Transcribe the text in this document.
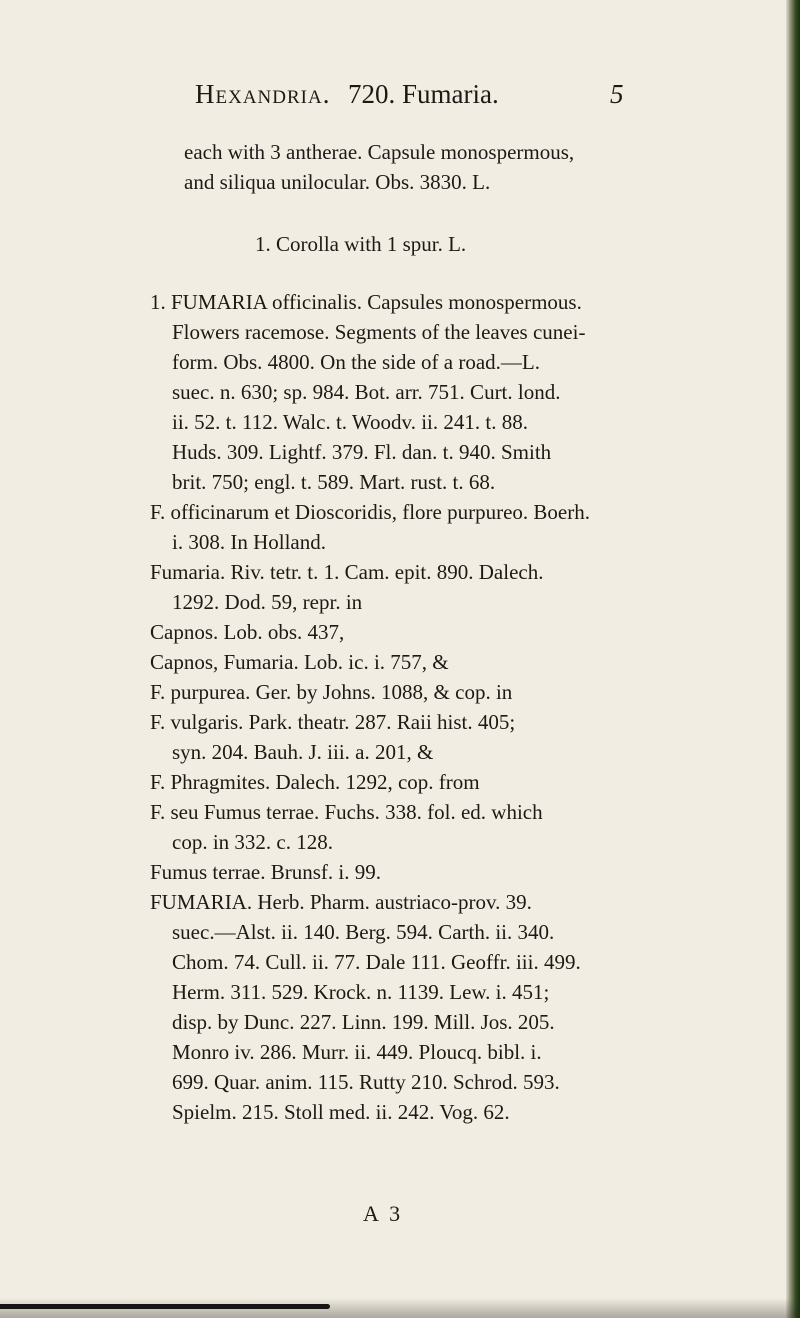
Hexandria. 720. Fumaria.	5
each with 3 antherae. Capsule monospermous,
and siliqua unilocular. Obs. 3830. L.
1. Corolla with 1 spur. L.
1. FUMARIA officinalis. Capsules monospermous.
Flowers racemose. Segments of the leaves cunei-
form. Obs. 4800. On the side of a road.—L.
suec. n. 630; sp. 984. Bot. arr. 751. Curt. lond.
ii. 52. t. 112. Walc. t. Woodv. ii. 241. t. 88.
Huds. 309. Lightf. 379. Fl. dan. t. 940. Smith
brit. 750; engl. t. 589. Mart. rust. t. 68.
F. officinarum et Dioscoridis, flore purpureo. Boerh.
i. 308. In Holland.
Fumaria. Riv. tetr. t. 1. Cam. epit. 890. Dalech.
1292. Dod. 59, repr. in
Capnos. Lob. obs. 437,
Capnos, Fumaria. Lob. ic. i. 757, &
F. purpurea. Ger. by Johns. 1088, & cop. in
F. vulgaris. Park. theatr. 287. Raii hist. 405;
syn. 204. Bauh. J. iii. a. 201, &
F. Phragmites. Dalech. 1292, cop. from
F. seu Fumus terrae. Fuchs. 338. fol. ed. which
cop. in 332. c. 128.
Fumus terrae. Brunsf. i. 99.
FUMARIA. Herb. Pharm. austriaco-prov. 39.
suec.—Alst. ii. 140. Berg. 594. Carth. ii. 340.
Chom. 74. Cull. ii. 77. Dale 111. Geoffr. iii. 499.
Herm. 311. 529. Krock. n. 1139. Lew. i. 451;
disp. by Dunc. 227. Linn. 199. Mill. Jos. 205.
Monro iv. 286. Murr. ii. 449. Ploucq. bibl. i.
699. Quar. anim. 115. Rutty 210. Schrod. 593.
Spielm. 215. Stoll med. ii. 242. Vog. 62.
A 3
